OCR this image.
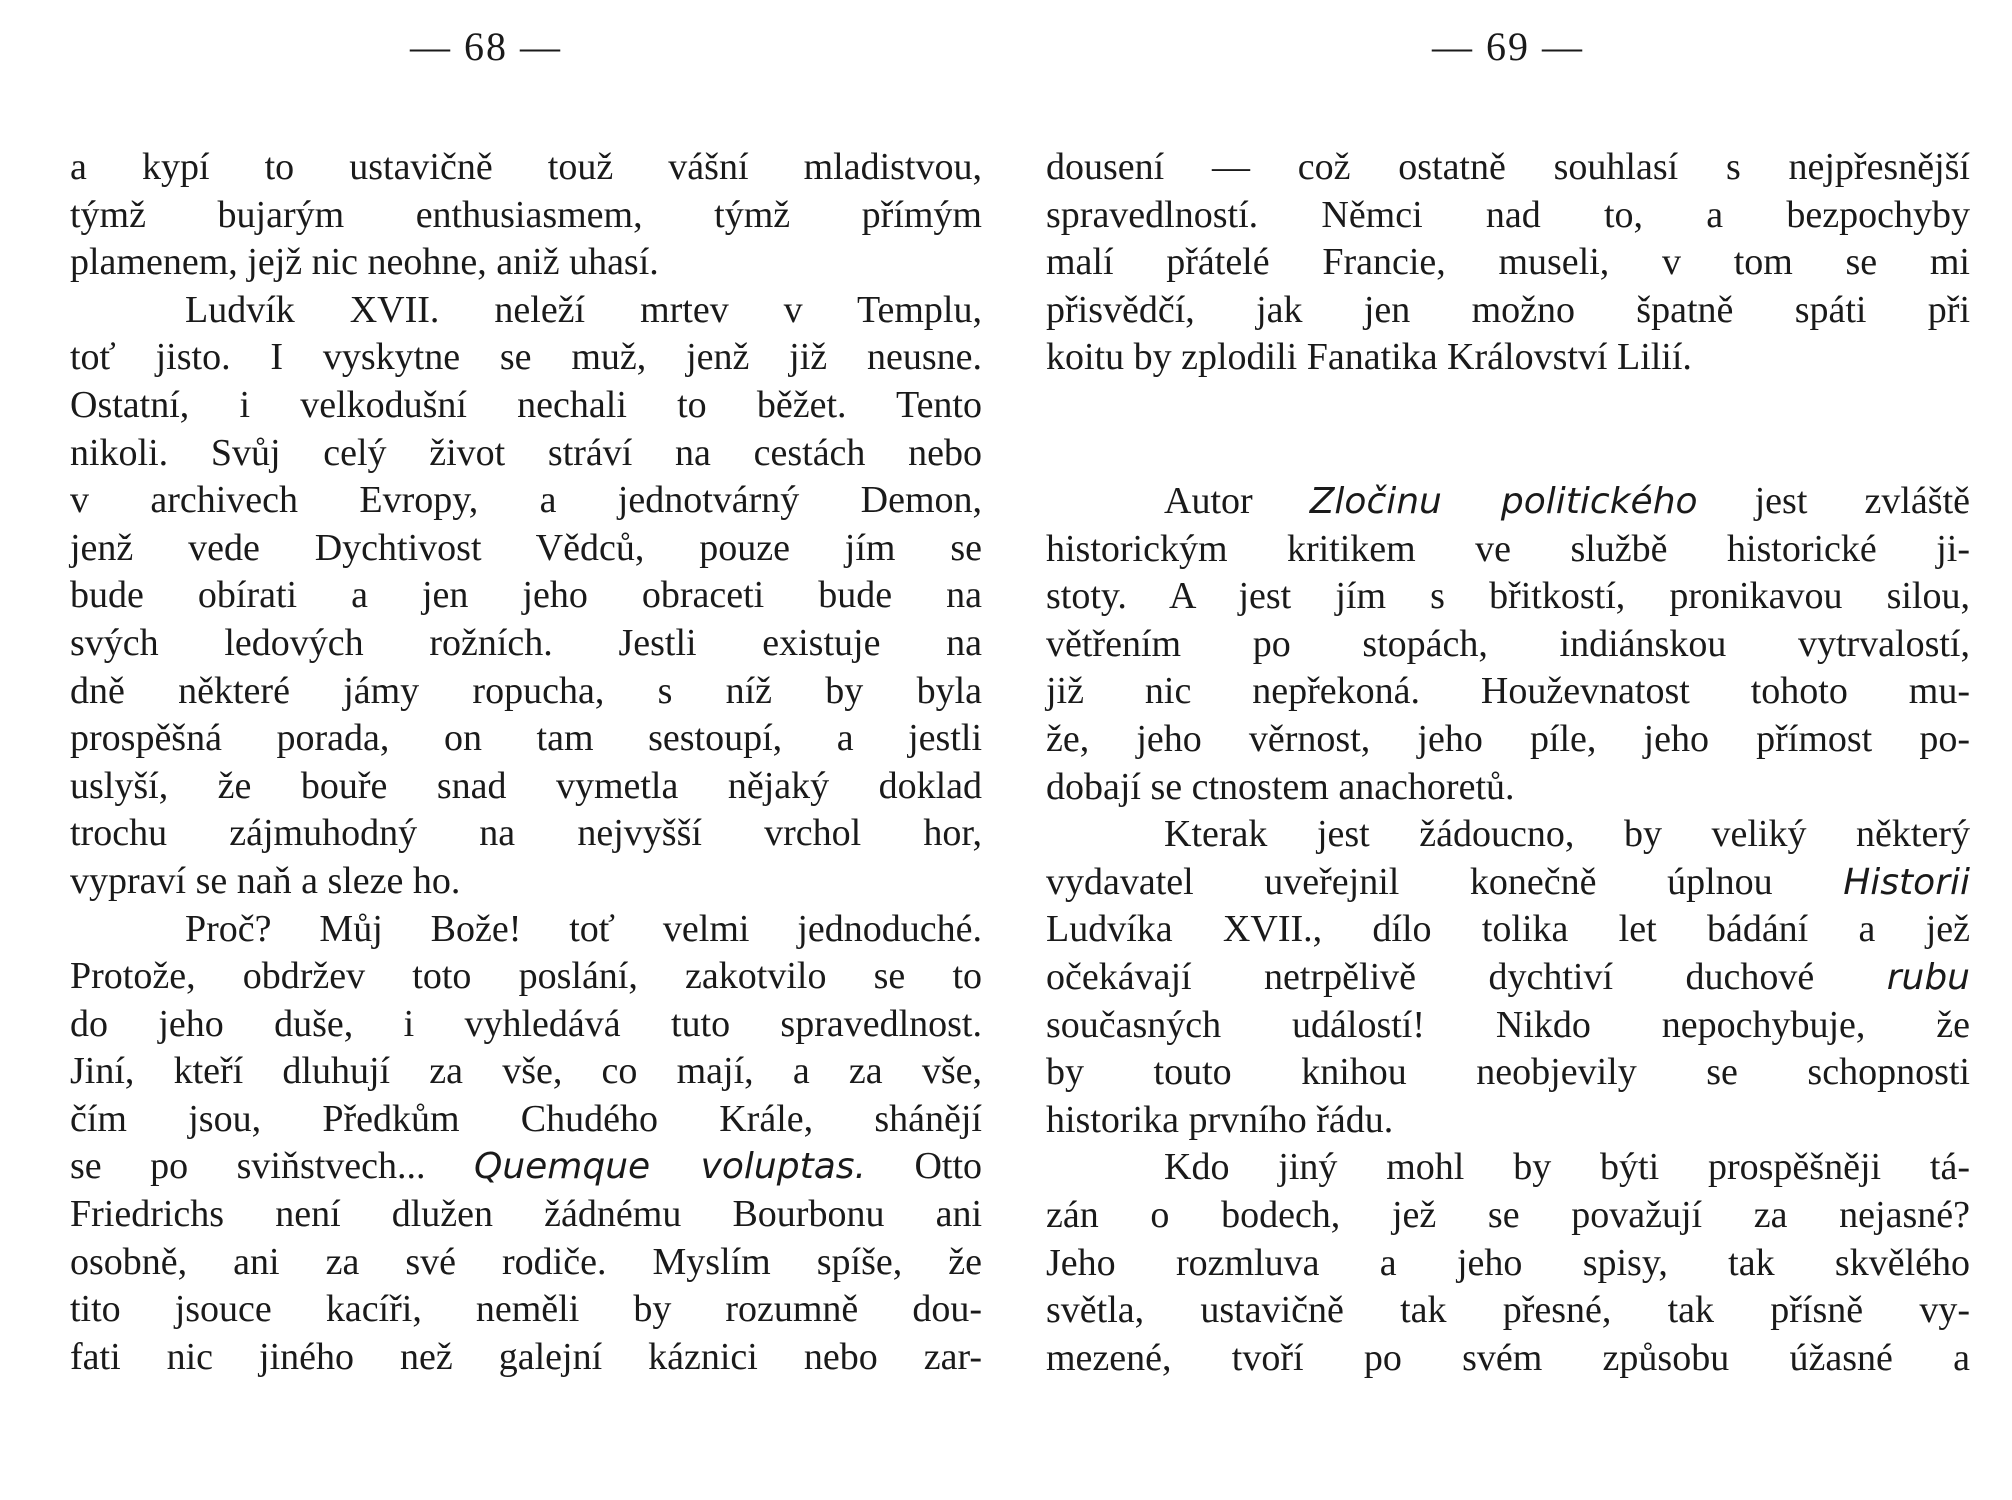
— 68 —
a kypí to ustavičně touž vášní mladistvou,
týmž bujarým enthusiasmem, týmž přímým
plamenem, jejž nic neohne, aniž uhasí.
Ludvík XVII. neleží mrtev v Templu,
toť jisto. I vyskytne se muž, jenž již neusne.
Ostatní, i velkodušní nechali to běžet. Tento
nikoli. Svůj celý život stráví na cestách nebo
v archivech Evropy, a jednotvárný Demon,
jenž vede Dychtivost Vědců, pouze jím se
bude obírati a jen jeho obraceti bude na
svých ledových rožních. Jestli existuje na
dně některé jámy ropucha, s níž by byla
prospěšná porada, on tam sestoupí, a jestli
uslyší, že bouře snad vymetla nějaký doklad
trochu zájmuhodný na nejvyšší vrchol hor,
vypraví se naň a sleze ho.
Proč? Můj Bože! toť velmi jednoduché.
Protože, obdržev toto poslání, zakotvilo se to
do jeho duše, i vyhledává tuto spravedlnost.
Jiní, kteří dluhují za vše, co mají, a za vše,
čím jsou, Předkům Chudého Krále, shánějí
se po sviňstvech... Quemque voluptas. Otto
Friedrichs není dlužen žádnému Bourbonu ani
osobně, ani za své rodiče. Myslím spíše, že
tito jsouce kacíři, neměli by rozumně dou-
fati nic jiného než galejní káznici nebo zar-
— 69 —
dousení — což ostatně souhlasí s nejpřesnější
spravedlností. Němci nad to, a bezpochyby
malí přátelé Francie, museli, v tom se mi
přisvědčí, jak jen možno špatně spáti při
koitu by zplodili Fanatika Království Lilií.
Autor Zločinu politického jest zvláště
historickým kritikem ve službě historické ji-
stoty. A jest jím s břitkostí, pronikavou silou,
větřením po stopách, indiánskou vytrvalostí,
již nic nepřekoná. Houževnatost tohoto mu-
že, jeho věrnost, jeho píle, jeho přímost po-
dobají se ctnostem anachoretů.
Kterak jest žádoucno, by veliký některý
vydavatel uveřejnil konečně úplnou Historii
Ludvíka XVII., dílo tolika let bádání a jež
očekávají netrpělivě dychtiví duchové rubu
současných událostí! Nikdo nepochybuje, že
by touto knihou neobjevily se schopnosti
historika prvního řádu.
Kdo jiný mohl by býti prospěšněji tá-
zán o bodech, jež se považují za nejasné?
Jeho rozmluva a jeho spisy, tak skvělého
světla, ustavičně tak přesné, tak přísně vy-
mezené, tvoří po svém způsobu úžasné a
